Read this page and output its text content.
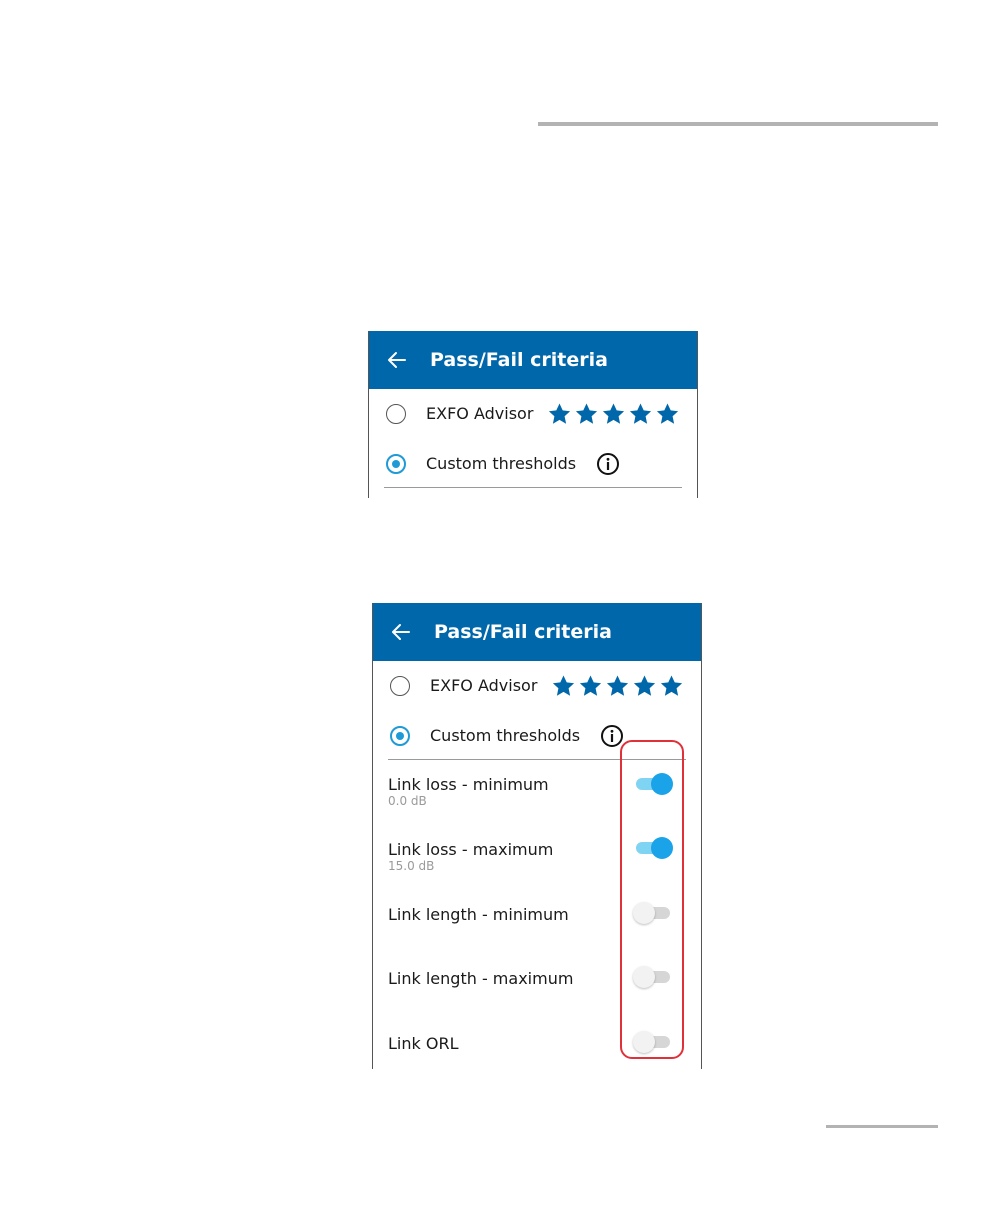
Pass/Fail criteria
EXFO Advisor
Custom thresholds
Pass/Fail criteria
EXFO Advisor
Custom thresholds
Link loss - minimum
0.0 dB
Link loss - maximum
15.0 dB
Link length - minimum
Link length - maximum
Link ORL
